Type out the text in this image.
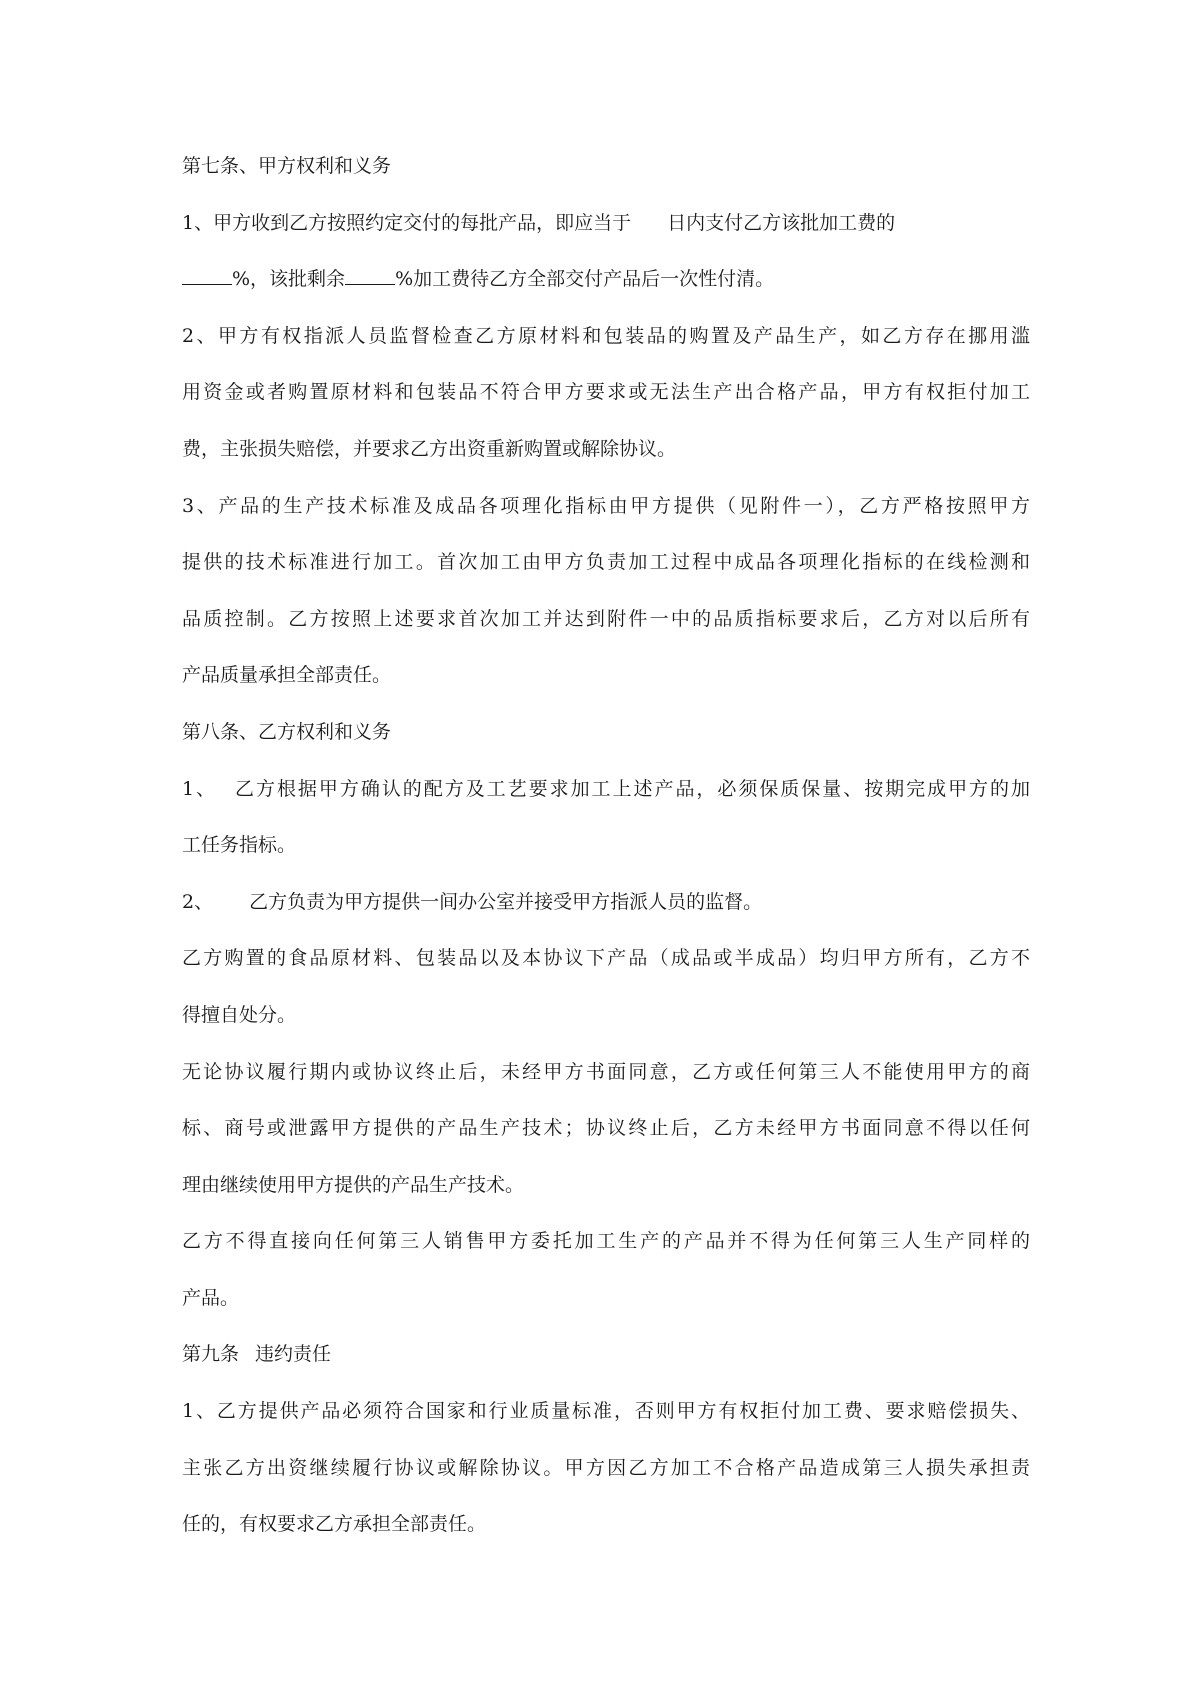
第七条、甲方权利和义务
1、甲方收到乙方按照约定交付的每批产品，即应当于 日内支付乙方该批加工费的
%，该批剩余	%加工费待乙方全部交付产品后一次性付清。
2、甲方有权指派人员监督检查乙方原材料和包装品的购置及产品生产，如乙方存在挪用滥
用资金或者购置原材料和包装品不符合甲方要求或无法生产出合格产品，甲方有权拒付加工
费，主张损失赔偿，并要求乙方出资重新购置或解除协议。
3、产品的生产技术标准及成品各项理化指标由甲方提供（见附件一），乙方严格按照甲方
提供的技术标准进行加工。首次加工由甲方负责加工过程中成品各项理化指标的在线检测和
品质控制。乙方按照上述要求首次加工并达到附件一中的品质指标要求后，乙方对以后所有
产品质量承担全部责任。
第八条、乙方权利和义务
1、 乙方根据甲方确认的配方及工艺要求加工上述产品，必须保质保量、按期完成甲方的加
工任务指标。
2、 乙方负责为甲方提供一间办公室并接受甲方指派人员的监督。
乙方购置的食品原材料、包装品以及本协议下产品（成品或半成品）均归甲方所有，乙方不
得擅自处分。
无论协议履行期内或协议终止后，未经甲方书面同意，乙方或任何第三人不能使用甲方的商
标、商号或泄露甲方提供的产品生产技术；协议终止后，乙方未经甲方书面同意不得以任何
理由继续使用甲方提供的产品生产技术。
乙方不得直接向任何第三人销售甲方委托加工生产的产品并不得为任何第三人生产同样的
产品。
第九条 违约责任
1、乙方提供产品必须符合国家和行业质量标准，否则甲方有权拒付加工费、要求赔偿损失、
主张乙方出资继续履行协议或解除协议。甲方因乙方加工不合格产品造成第三人损失承担责
任的，有权要求乙方承担全部责任。
